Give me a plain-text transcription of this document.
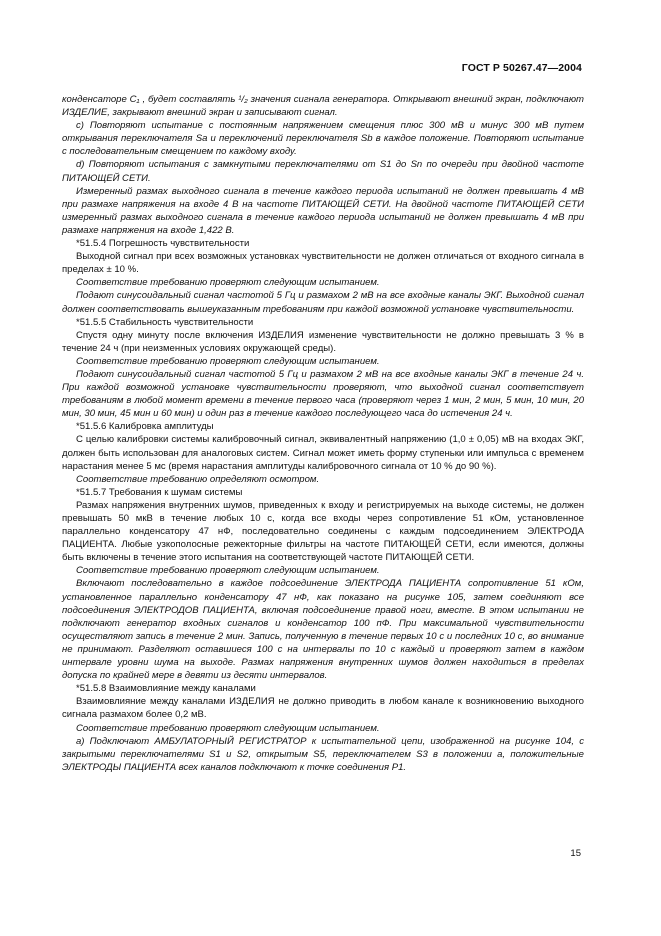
ГОСТ Р 50267.47—2004

конденсаторе C₁ , будет составлять ¹/₂ значения сигнала генератора. Открывают внешний экран, подключают ИЗДЕЛИЕ, закрывают внешний экран и записывают сигнал.

c) Повторяют испытание с постоянным напряжением смещения плюс 300 мВ и минус 300 мВ путем открывания переключателя Sa и переключений переключателя Sb в каждое положение. Повторяют испытание с последовательным смещением по каждому входу.

d) Повторяют испытания с замкнутыми переключателями от S1 до Sn по очереди при двойной частоте ПИТАЮЩЕЙ СЕТИ.

Измеренный размах выходного сигнала в течение каждого периода испытаний не должен превышать 4 мВ при размахе напряжения на входе 4 В на частоте ПИТАЮЩЕЙ СЕТИ. На двойной частоте ПИТАЮЩЕЙ СЕТИ измеренный размах выходного сигнала в течение каждого периода испытаний не должен превышать 4 мВ при размахе напряжения на входе 1,422 В.

*51.5.4 Погрешность чувствительности

Выходной сигнал при всех возможных установках чувствительности не должен отличаться от входного сигнала в пределах ± 10 %.

Соответствие требованию проверяют следующим испытанием.

Подают синусоидальный сигнал частотой 5 Гц и размахом 2 мВ на все входные каналы ЭКГ. Выходной сигнал должен соответствовать вышеуказанным требованиям при каждой возможной установке чувствительности.

*51.5.5 Стабильность чувствительности

Спустя одну минуту после включения ИЗДЕЛИЯ изменение чувствительности не должно превышать 3 % в течение 24 ч (при неизменных условиях окружающей среды).

Соответствие требованию проверяют следующим испытанием.

Подают синусоидальный сигнал частотой 5 Гц и размахом 2 мВ на все входные каналы ЭКГ в течение 24 ч. При каждой возможной установке чувствительности проверяют, что выходной сигнал соответствует требованиям в любой момент времени в течение первого часа (проверяют через 1 мин, 2 мин, 5 мин, 10 мин, 20 мин, 30 мин, 45 мин и 60 мин) и один раз в течение каждого последующего часа до истечения 24 ч.

*51.5.6 Калибровка амплитуды

С целью калибровки системы калибровочный сигнал, эквивалентный напряжению (1,0 ± 0,05) мВ на входах ЭКГ, должен быть использован для аналоговых систем. Сигнал может иметь форму ступеньки или импульса с временем нарастания менее 5 мс (время нарастания амплитуды калибровочного сигнала от 10 % до 90 %).

Соответствие требованию определяют осмотром.

*51.5.7 Требования к шумам системы

Размах напряжения внутренних шумов, приведенных к входу и регистрируемых на выходе системы, не должен превышать 50 мкВ в течение любых 10 с, когда все входы через сопротивление 51 кОм, установленное параллельно конденсатору 47 нФ, последовательно соединены с каждым подсоединением ЭЛЕКТРОДА ПАЦИЕНТА. Любые узкополосные режекторные фильтры на частоте ПИТАЮЩЕЙ СЕТИ, если имеются, должны быть включены в течение этого испытания на соответствующей частоте ПИТАЮЩЕЙ СЕТИ.

Соответствие требованию проверяют следующим испытанием.

Включают последовательно в каждое подсоединение ЭЛЕКТРОДА ПАЦИЕНТА сопротивление 51 кОм, установленное параллельно конденсатору 47 нФ, как показано на рисунке 105, затем соединяют все подсоединения ЭЛЕКТРОДОВ ПАЦИЕНТА, включая подсоединение правой ноги, вместе. В этом испытании не подключают генератор входных сигналов и конденсатор 100 пФ. При максимальной чувствительности осуществляют запись в течение 2 мин. Запись, полученную в течение первых 10 с и последних 10 с, во внимание не принимают. Разделяют оставшиеся 100 с на интервалы по 10 с каждый и проверяют затем в каждом интервале уровни шума на выходе. Размах напряжения внутренних шумов должен находиться в пределах допуска по крайней мере в девяти из десяти интервалов.

*51.5.8 Взаимовлияние между каналами

Взаимовлияние между каналами ИЗДЕЛИЯ не должно приводить в любом канале к возникновению выходного сигнала размахом более 0,2 мВ.

Соответствие требованию проверяют следующим испытанием.

a) Подключают АМБУЛАТОРНЫЙ РЕГИСТРАТОР к испытательной цепи, изображенной на рисунке 104, с закрытыми переключателями S1 и S2, открытым S5, переключателем S3 в положении a, положительные ЭЛЕКТРОДЫ ПАЦИЕНТА всех каналов подключают к точке соединения P1.

15
